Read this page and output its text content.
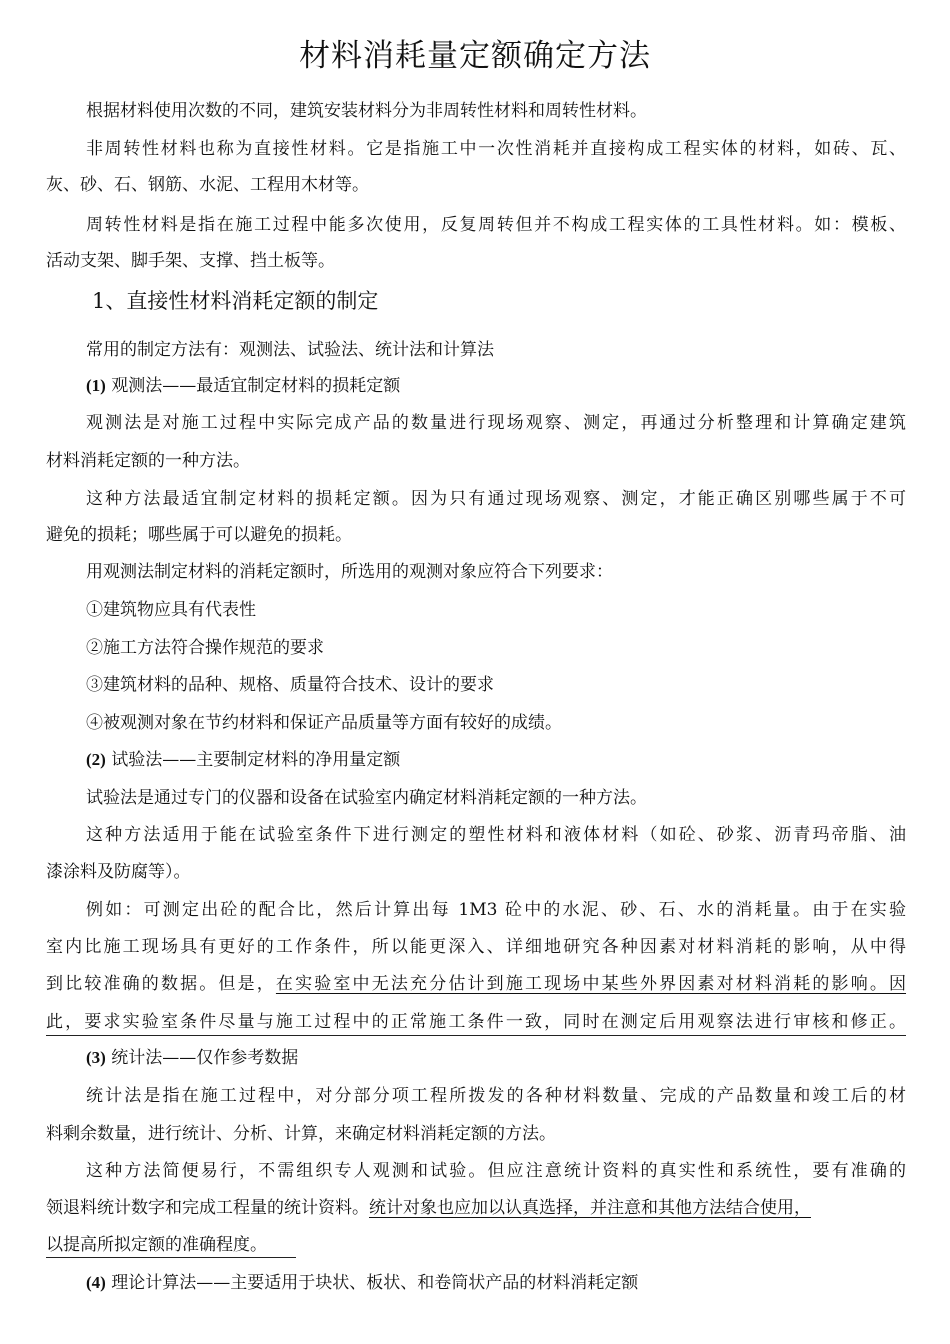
材料消耗量定额确定方法
根据材料使用次数的不同，建筑安装材料分为非周转性材料和周转性材料。
非周转性材料也称为直接性材料。它是指施工中一次性消耗并直接构成工程实体的材料，如砖、瓦、
灰、砂、石、钢筋、水泥、工程用木材等。
周转性材料是指在施工过程中能多次使用，反复周转但并不构成工程实体的工具性材料。如：模板、
活动支架、脚手架、支撑、挡土板等。
1、直接性材料消耗定额的制定
常用的制定方法有：观测法、试验法、统计法和计算法
(1) 观测法——最适宜制定材料的损耗定额
观测法是对施工过程中实际完成产品的数量进行现场观察、测定，再通过分析整理和计算确定建筑
材料消耗定额的一种方法。
这种方法最适宜制定材料的损耗定额。因为只有通过现场观察、测定，才能正确区别哪些属于不可
避免的损耗；哪些属于可以避免的损耗。
用观测法制定材料的消耗定额时，所选用的观测对象应符合下列要求：
①建筑物应具有代表性
②施工方法符合操作规范的要求
③建筑材料的品种、规格、质量符合技术、设计的要求
④被观测对象在节约材料和保证产品质量等方面有较好的成绩。
(2) 试验法——主要制定材料的净用量定额
试验法是通过专门的仪器和设备在试验室内确定材料消耗定额的一种方法。
这种方法适用于能在试验室条件下进行测定的塑性材料和液体材料（如砼、砂浆、沥青玛帝脂、油
漆涂料及防腐等）。
例如：可测定出砼的配合比，然后计算出每 1M3 砼中的水泥、砂、石、水的消耗量。由于在实验
室内比施工现场具有更好的工作条件，所以能更深入、详细地研究各种因素对材料消耗的影响，从中得
到比较准确的数据。但是，在实验室中无法充分估计到施工现场中某些外界因素对材料消耗的影响。因
此，要求实验室条件尽量与施工过程中的正常施工条件一致，同时在测定后用观察法进行审核和修正。
(3) 统计法——仅作参考数据
统计法是指在施工过程中，对分部分项工程所拨发的各种材料数量、完成的产品数量和竣工后的材
料剩余数量，进行统计、分析、计算，来确定材料消耗定额的方法。
这种方法简便易行，不需组织专人观测和试验。但应注意统计资料的真实性和系统性，要有准确的
领退料统计数字和完成工程量的统计资料。统计对象也应加以认真选择，并注意和其他方法结合使用，
以提高所拟定额的准确程度。
(4) 理论计算法——主要适用于块状、板状、和卷筒状产品的材料消耗定额
